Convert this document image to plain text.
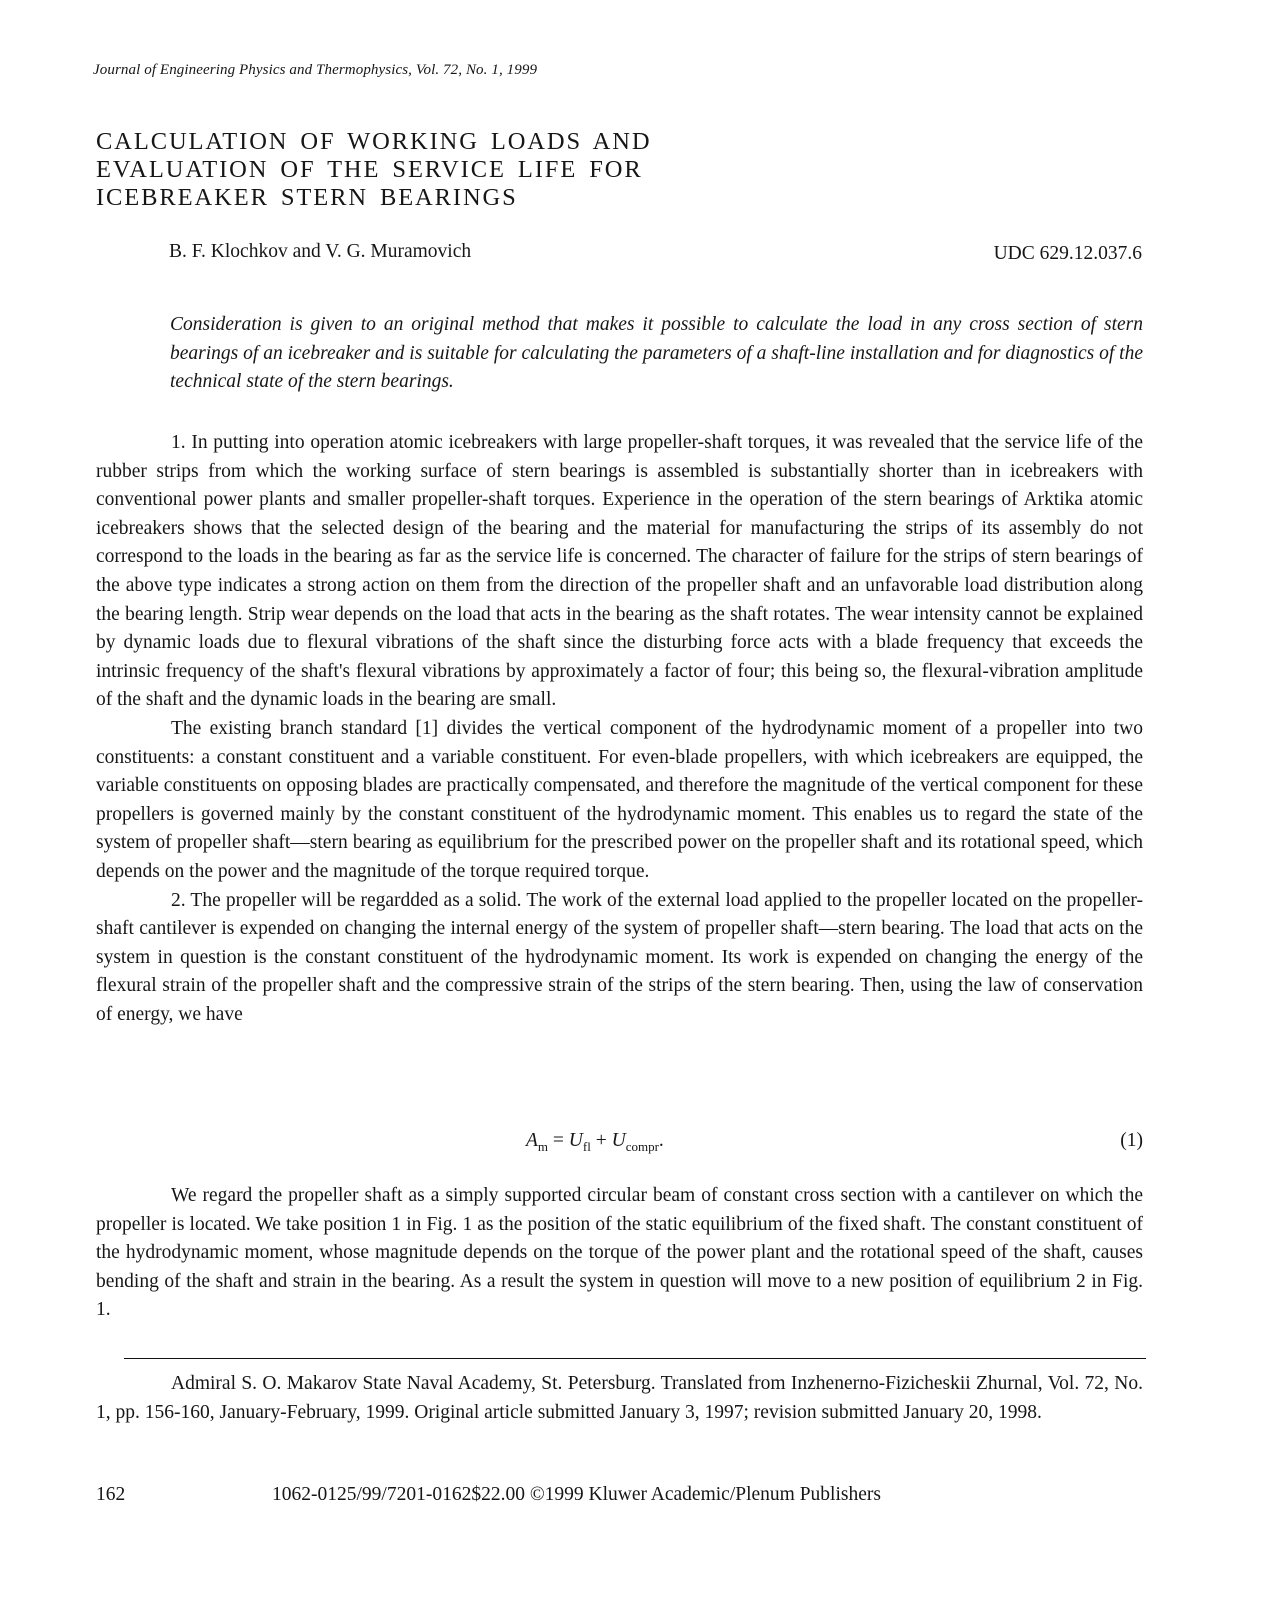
Journal of Engineering Physics and Thermophysics, Vol. 72, No. 1, 1999
CALCULATION OF WORKING LOADS AND
EVALUATION OF THE SERVICE LIFE FOR
ICEBREAKER STERN BEARINGS
B. F. Klochkov and V. G. Muramovich	UDC 629.12.037.6
Consideration is given to an original method that makes it possible to calculate the load in any cross section of stern bearings of an icebreaker and is suitable for calculating the parameters of a shaft-line installation and for diagnostics of the technical state of the stern bearings.

1. In putting into operation atomic icebreakers with large propeller-shaft torques, it was revealed that the service life of the rubber strips from which the working surface of stern bearings is assembled is substantially shorter than in icebreakers with conventional power plants and smaller propeller-shaft torques. Experience in the operation of the stern bearings of Arktika atomic icebreakers shows that the selected design of the bearing and the material for manufacturing the strips of its assembly do not correspond to the loads in the bearing as far as the service life is concerned. The character of failure for the strips of stern bearings of the above type indicates a strong action on them from the direction of the propeller shaft and an unfavorable load distribution along the bearing length. Strip wear depends on the load that acts in the bearing as the shaft rotates. The wear intensity cannot be explained by dynamic loads due to flexural vibrations of the shaft since the disturbing force acts with a blade frequency that exceeds the intrinsic frequency of the shaft's flexural vibrations by approximately a factor of four; this being so, the flexural-vibration amplitude of the shaft and the dynamic loads in the bearing are small.

The existing branch standard [1] divides the vertical component of the hydrodynamic moment of a propeller into two constituents: a constant constituent and a variable constituent. For even-blade propellers, with which icebreakers are equipped, the variable constituents on opposing blades are practically compensated, and therefore the magnitude of the vertical component for these propellers is governed mainly by the constant constituent of the hydrodynamic moment. This enables us to regard the state of the system of propeller shaft—stern bearing as equilibrium for the prescribed power on the propeller shaft and its rotational speed, which depends on the power and the magnitude of the torque required torque.

2. The propeller will be regardded as a solid. The work of the external load applied to the propeller located on the propeller-shaft cantilever is expended on changing the internal energy of the system of propeller shaft—stern bearing. The load that acts on the system in question is the constant constituent of the hydrodynamic moment. Its work is expended on changing the energy of the flexural strain of the propeller shaft and the compressive strain of the strips of the stern bearing. Then, using the law of conservation of energy, we have

$A_m = U_{fl} + U_{compr}$.	(1)

We regard the propeller shaft as a simply supported circular beam of constant cross section with a cantilever on which the propeller is located. We take position 1 in Fig. 1 as the position of the static equilibrium of the fixed shaft. The constant constituent of the hydrodynamic moment, whose magnitude depends on the torque of the power plant and the rotational speed of the shaft, causes bending of the shaft and strain in the bearing. As a result the system in question will move to a new position of equilibrium 2 in Fig. 1.

Admiral S. O. Makarov State Naval Academy, St. Petersburg. Translated from Inzhenerno-Fizicheskii Zhurnal, Vol. 72, No. 1, pp. 156-160, January-February, 1999. Original article submitted January 3, 1997; revision submitted January 20, 1998.

162	1062-0125/99/7201-0162$22.00 ©1999 Kluwer Academic/Plenum Publishers
